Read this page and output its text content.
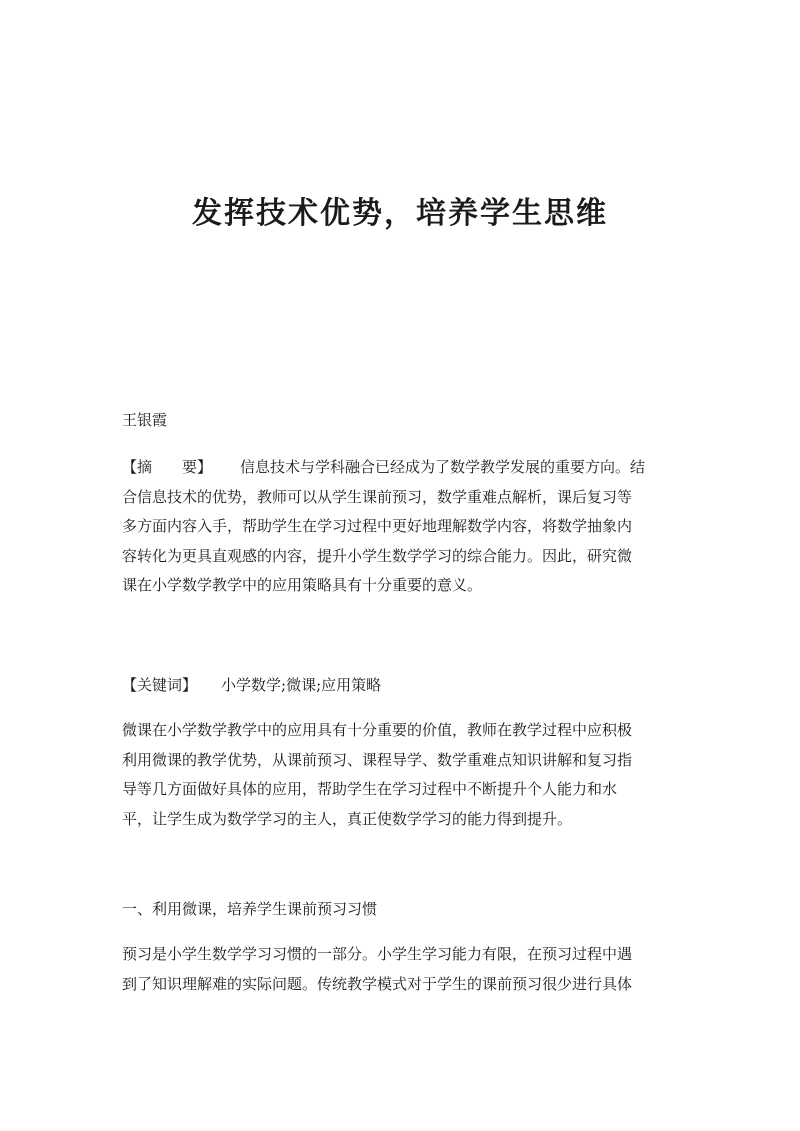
发挥技术优势，培养学生思维

王银霞

【摘　　要】 信息技术与学科融合已经成为了数学教学发展的重要方向。结
合信息技术的优势，教师可以从学生课前预习，数学重难点解析，课后复习等
多方面内容入手，帮助学生在学习过程中更好地理解数学内容，将数学抽象内
容转化为更具直观感的内容，提升小学生数学学习的综合能力。因此，研究微
课在小学数学教学中的应用策略具有十分重要的意义。
【关键词】 小学数学;微课;应用策略
微课在小学数学教学中的应用具有十分重要的价值，教师在教学过程中应积极
利用微课的教学优势，从课前预习、课程导学、数学重难点知识讲解和复习指
导等几方面做好具体的应用，帮助学生在学习过程中不断提升个人能力和水
平，让学生成为数学学习的主人，真正使数学学习的能力得到提升。
一、利用微课，培养学生课前预习习惯
预习是小学生数学学习习惯的一部分。小学生学习能力有限，在预习过程中遇
到了知识理解难的实际问题。传统教学模式对于学生的课前预习很少进行具体
